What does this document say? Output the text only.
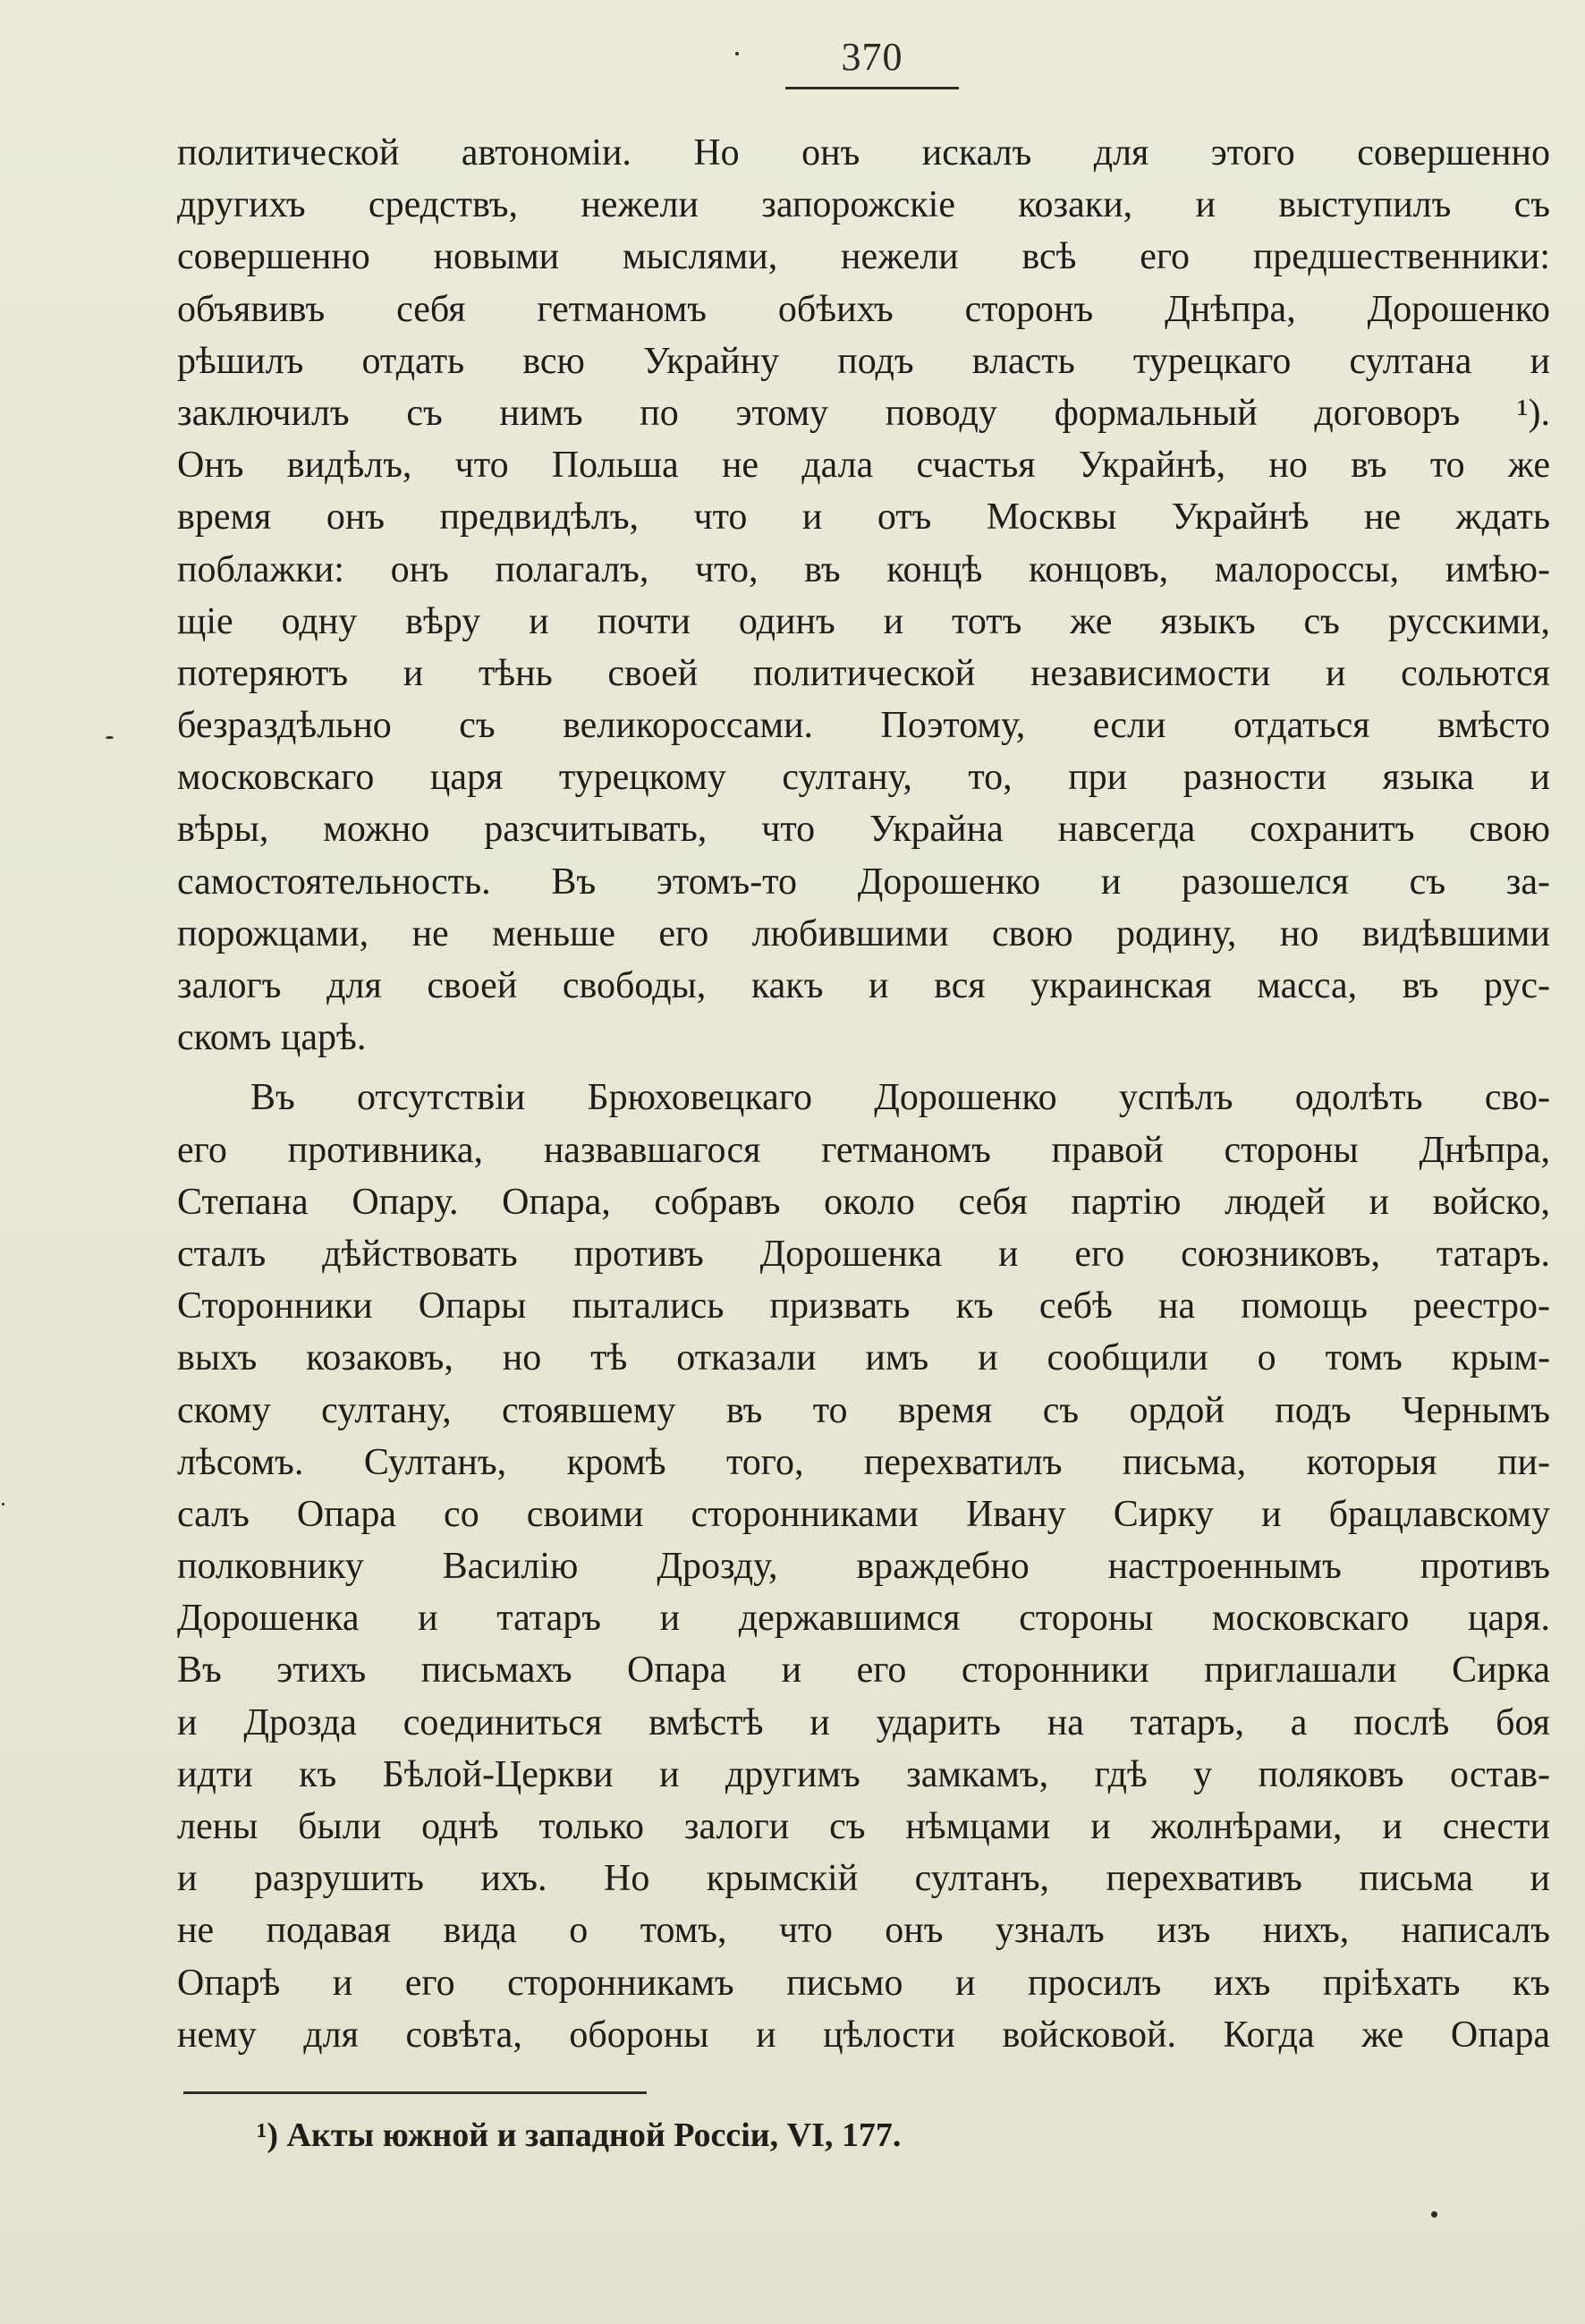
370
политической автономіи. Но онъ искалъ для этого совершенно
другихъ средствъ, нежели запорожскіе козаки, и выступилъ съ
совершенно новыми мыслями, нежели всѣ его предшественники:
объявивъ себя гетманомъ обѣихъ сторонъ Днѣпра, Дорошенко
рѣшилъ отдать всю Украйну подъ власть турецкаго султана и
заключилъ съ нимъ по этому поводу формальный договоръ ¹).
Онъ видѣлъ, что Польша не дала счастья Украйнѣ, но въ то же
время онъ предвидѣлъ, что и отъ Москвы Украйнѣ не ждать
поблажки: онъ полагалъ, что, въ концѣ концовъ, малороссы, имѣю-
щіе одну вѣру и почти одинъ и тотъ же языкъ съ русскими,
потеряютъ и тѣнь своей политической независимости и сольются
безраздѣльно съ великороссами. Поэтому, если отдаться вмѣсто
московскаго царя турецкому султану, то, при разности языка и
вѣры, можно разсчитывать, что Украйна навсегда сохранитъ свою
самостоятельность. Въ этомъ-то Дорошенко и разошелся съ за-
порожцами, не меньше его любившими свою родину, но видѣвшими
залогъ для своей свободы, какъ и вся украинская масса, въ рус-
скомъ царѣ.
Въ отсутствіи Брюховецкаго Дорошенко успѣлъ одолѣть сво-
его противника, назвавшагося гетманомъ правой стороны Днѣпра,
Степана Опару. Опара, собравъ около себя партію людей и войско,
сталъ дѣйствовать противъ Дорошенка и его союзниковъ, татаръ.
Сторонники Опары пытались призвать къ себѣ на помощь реестро-
выхъ козаковъ, но тѣ отказали имъ и сообщили о томъ крым-
скому султану, стоявшему въ то время съ ордой подъ Чернымъ
лѣсомъ. Султанъ, кромѣ того, перехватилъ письма, которыя пи-
салъ Опара со своими сторонниками Ивану Сирку и брацлавскому
полковнику Василію Дрозду, враждебно настроеннымъ противъ
Дорошенка и татаръ и державшимся стороны московскаго царя.
Въ этихъ письмахъ Опара и его сторонники приглашали Сирка
и Дрозда соединиться вмѣстѣ и ударить на татаръ, а послѣ боя
идти къ Бѣлой-Церкви и другимъ замкамъ, гдѣ у поляковъ остав-
лены были однѣ только залоги съ нѣмцами и жолнѣрами, и снести
и разрушить ихъ. Но крымскій султанъ, перехвативъ письма и
не подавая вида о томъ, что онъ узналъ изъ нихъ, написалъ
Опарѣ и его сторонникамъ письмо и просилъ ихъ пріѣхать къ
нему для совѣта, обороны и цѣлости войсковой. Когда же Опара
¹) Акты южной и западной Россіи, VI, 177.
